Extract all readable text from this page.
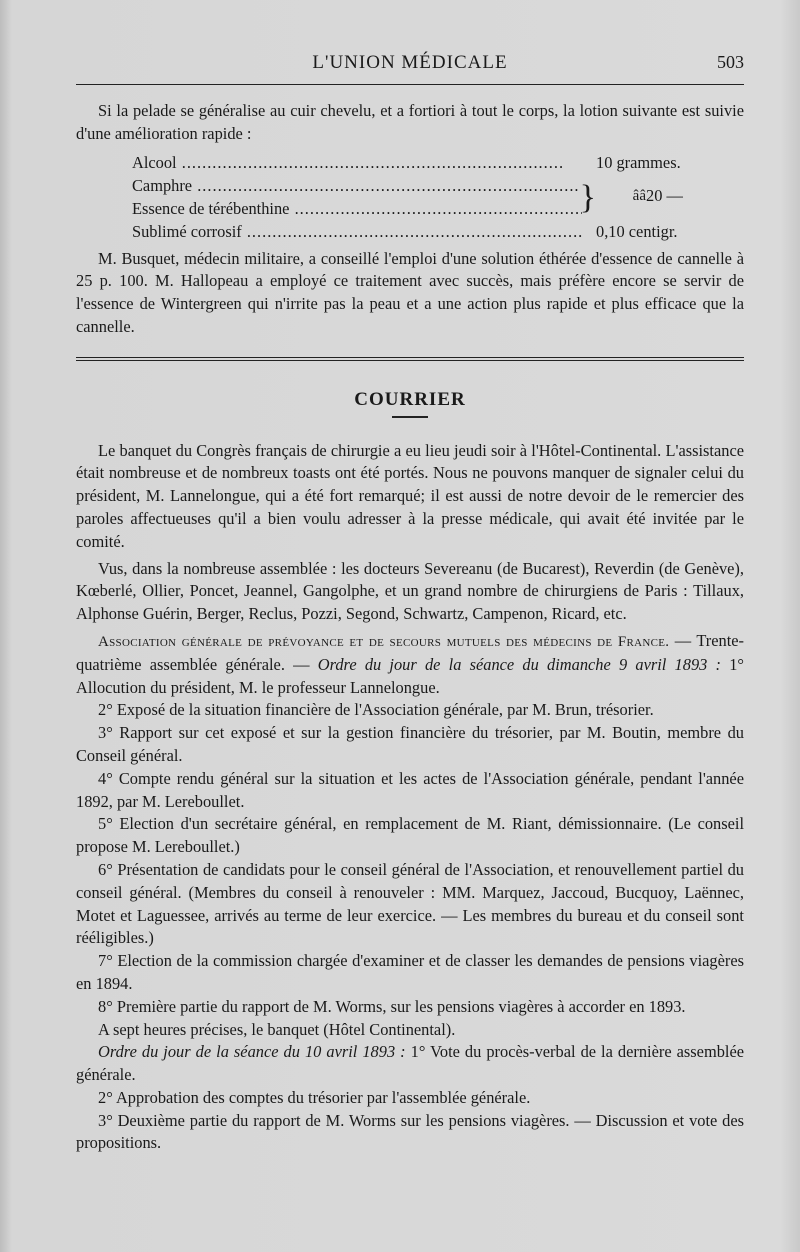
L'UNION MÉDICALE	503

Si la pelade se généralise au cuir chevelu, et a fortiori à tout le corps, la lotion suivante est suivie d'une amélioration rapide :

Alcool .....	10 grammes.
Camphre .....
Essence de térébenthine .....	} ââ 20 —
Sublimé corrosif .....	0,10 centigr.

M. Busquet, médecin militaire, a conseillé l'emploi d'une solution éthérée d'essence de cannelle à 25 p. 100. M. Hallopeau a employé ce traitement avec succès, mais préfère encore se servir de l'essence de Wintergreen qui n'irrite pas la peau et a une action plus rapide et plus efficace que la cannelle.

COURRIER

Le banquet du Congrès français de chirurgie a eu lieu jeudi soir à l'Hôtel-Continental. L'assistance était nombreuse et de nombreux toasts ont été portés. Nous ne pouvons manquer de signaler celui du président, M. Lannelongue, qui a été fort remarqué; il est aussi de notre devoir de le remercier des paroles affectueuses qu'il a bien voulu adresser à la presse médicale, qui avait été invitée par le comité.

Vus, dans la nombreuse assemblée : les docteurs Severeanu (de Bucarest), Reverdin (de Genève), Kœberlé, Ollier, Poncet, Jeannel, Gangolphe, et un grand nombre de chirurgiens de Paris : Tillaux, Alphonse Guérin, Berger, Reclus, Pozzi, Segond, Schwartz, Campenon, Ricard, etc.

Association générale de prévoyance et de secours mutuels des médecins de France. — Trente-quatrième assemblée générale. — Ordre du jour de la séance du dimanche 9 avril 1893 : 1° Allocution du président, M. le professeur Lannelongue.

2° Exposé de la situation financière de l'Association générale, par M. Brun, trésorier.

3° Rapport sur cet exposé et sur la gestion financière du trésorier, par M. Boutin, membre du Conseil général.

4° Compte rendu général sur la situation et les actes de l'Association générale, pendant l'année 1892, par M. Lereboullet.

5° Election d'un secrétaire général, en remplacement de M. Riant, démissionnaire. (Le conseil propose M. Lereboullet.)

6° Présentation de candidats pour le conseil général de l'Association, et renouvellement partiel du conseil général. (Membres du conseil à renouveler : MM. Marquez, Jaccoud, Bucquoy, Laënnec, Motet et Laguessee, arrivés au terme de leur exercice. — Les membres du bureau et du conseil sont rééligibles.)

7° Election de la commission chargée d'examiner et de classer les demandes de pensions viagères en 1894.

8° Première partie du rapport de M. Worms, sur les pensions viagères à accorder en 1893.

A sept heures précises, le banquet (Hôtel Continental).

Ordre du jour de la séance du 10 avril 1893 : 1° Vote du procès-verbal de la dernière assemblée générale.

2° Approbation des comptes du trésorier par l'assemblée générale.

3° Deuxième partie du rapport de M. Worms sur les pensions viagères. — Discussion et vote des propositions.
